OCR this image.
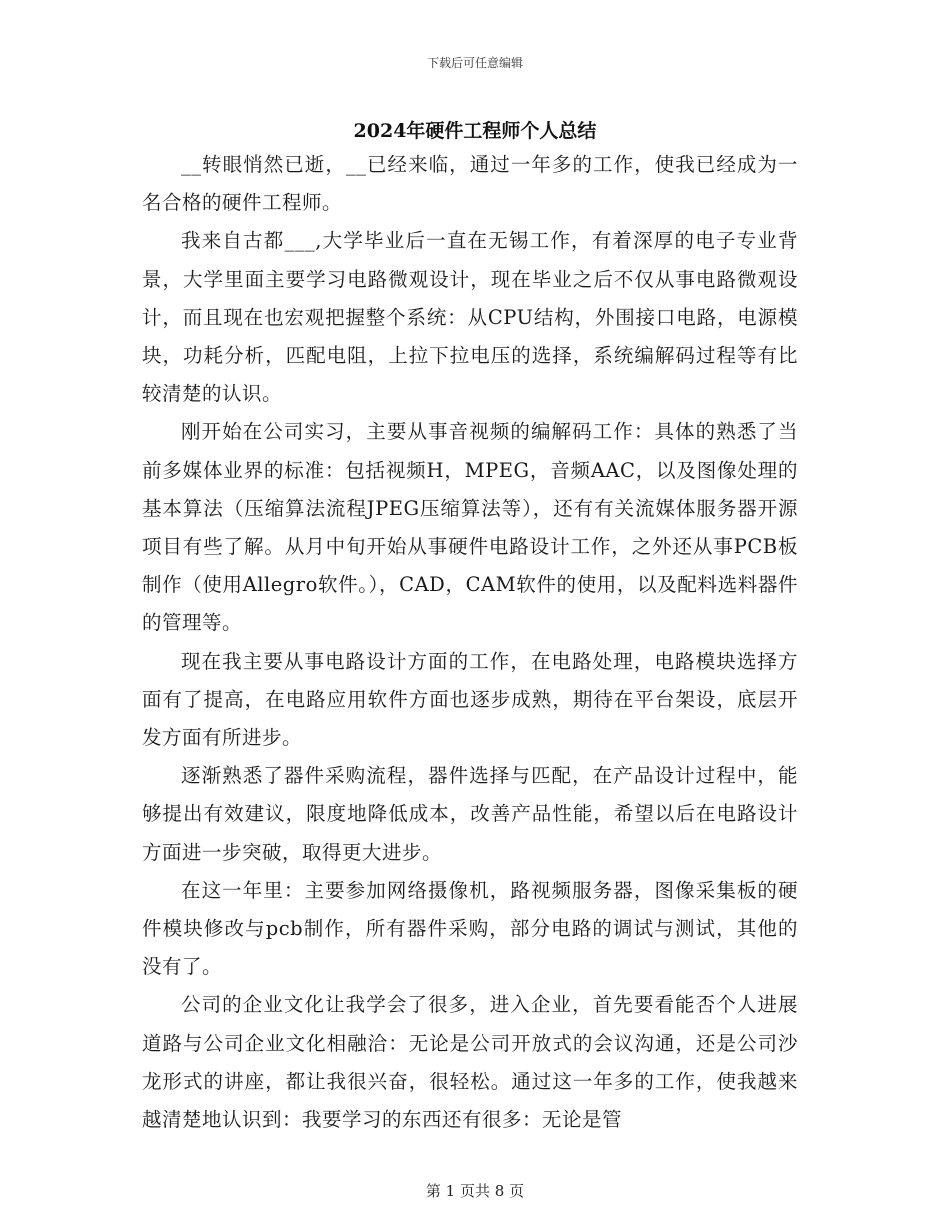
下载后可任意编辑
2024年硬件工程师个人总结

__转眼悄然已逝，__已经来临，通过一年多的工作，使我已经成为一名合格的硬件工程师。

我来自古都___,大学毕业后一直在无锡工作，有着深厚的电子专业背景，大学里面主要学习电路微观设计，现在毕业之后不仅从事电路微观设计，而且现在也宏观把握整个系统：从CPU结构，外围接口电路，电源模块，功耗分析，匹配电阻，上拉下拉电压的选择，系统编解码过程等有比较清楚的认识。

刚开始在公司实习，主要从事音视频的编解码工作：具体的熟悉了当前多媒体业界的标准：包括视频H，MPEG，音频AAC，以及图像处理的基本算法（压缩算法流程JPEG压缩算法等），还有有关流媒体服务器开源项目有些了解。从月中旬开始从事硬件电路设计工作，之外还从事PCB板制作（使用Allegro软件。），CAD，CAM软件的使用，以及配料选料器件的管理等。

现在我主要从事电路设计方面的工作，在电路处理，电路模块选择方面有了提高，在电路应用软件方面也逐步成熟，期待在平台架设，底层开发方面有所进步。

逐渐熟悉了器件采购流程，器件选择与匹配，在产品设计过程中，能够提出有效建议，限度地降低成本，改善产品性能，希望以后在电路设计方面进一步突破，取得更大进步。

在这一年里：主要参加网络摄像机，路视频服务器，图像采集板的硬件模块修改与pcb制作，所有器件采购，部分电路的调试与测试，其他的没有了。

公司的企业文化让我学会了很多，进入企业，首先要看能否个人进展道路与公司企业文化相融洽：无论是公司开放式的会议沟通，还是公司沙龙形式的讲座，都让我很兴奋，很轻松。通过这一年多的工作，使我越来越清楚地认识到：我要学习的东西还有很多：无论是管

第 1 页共 8 页
